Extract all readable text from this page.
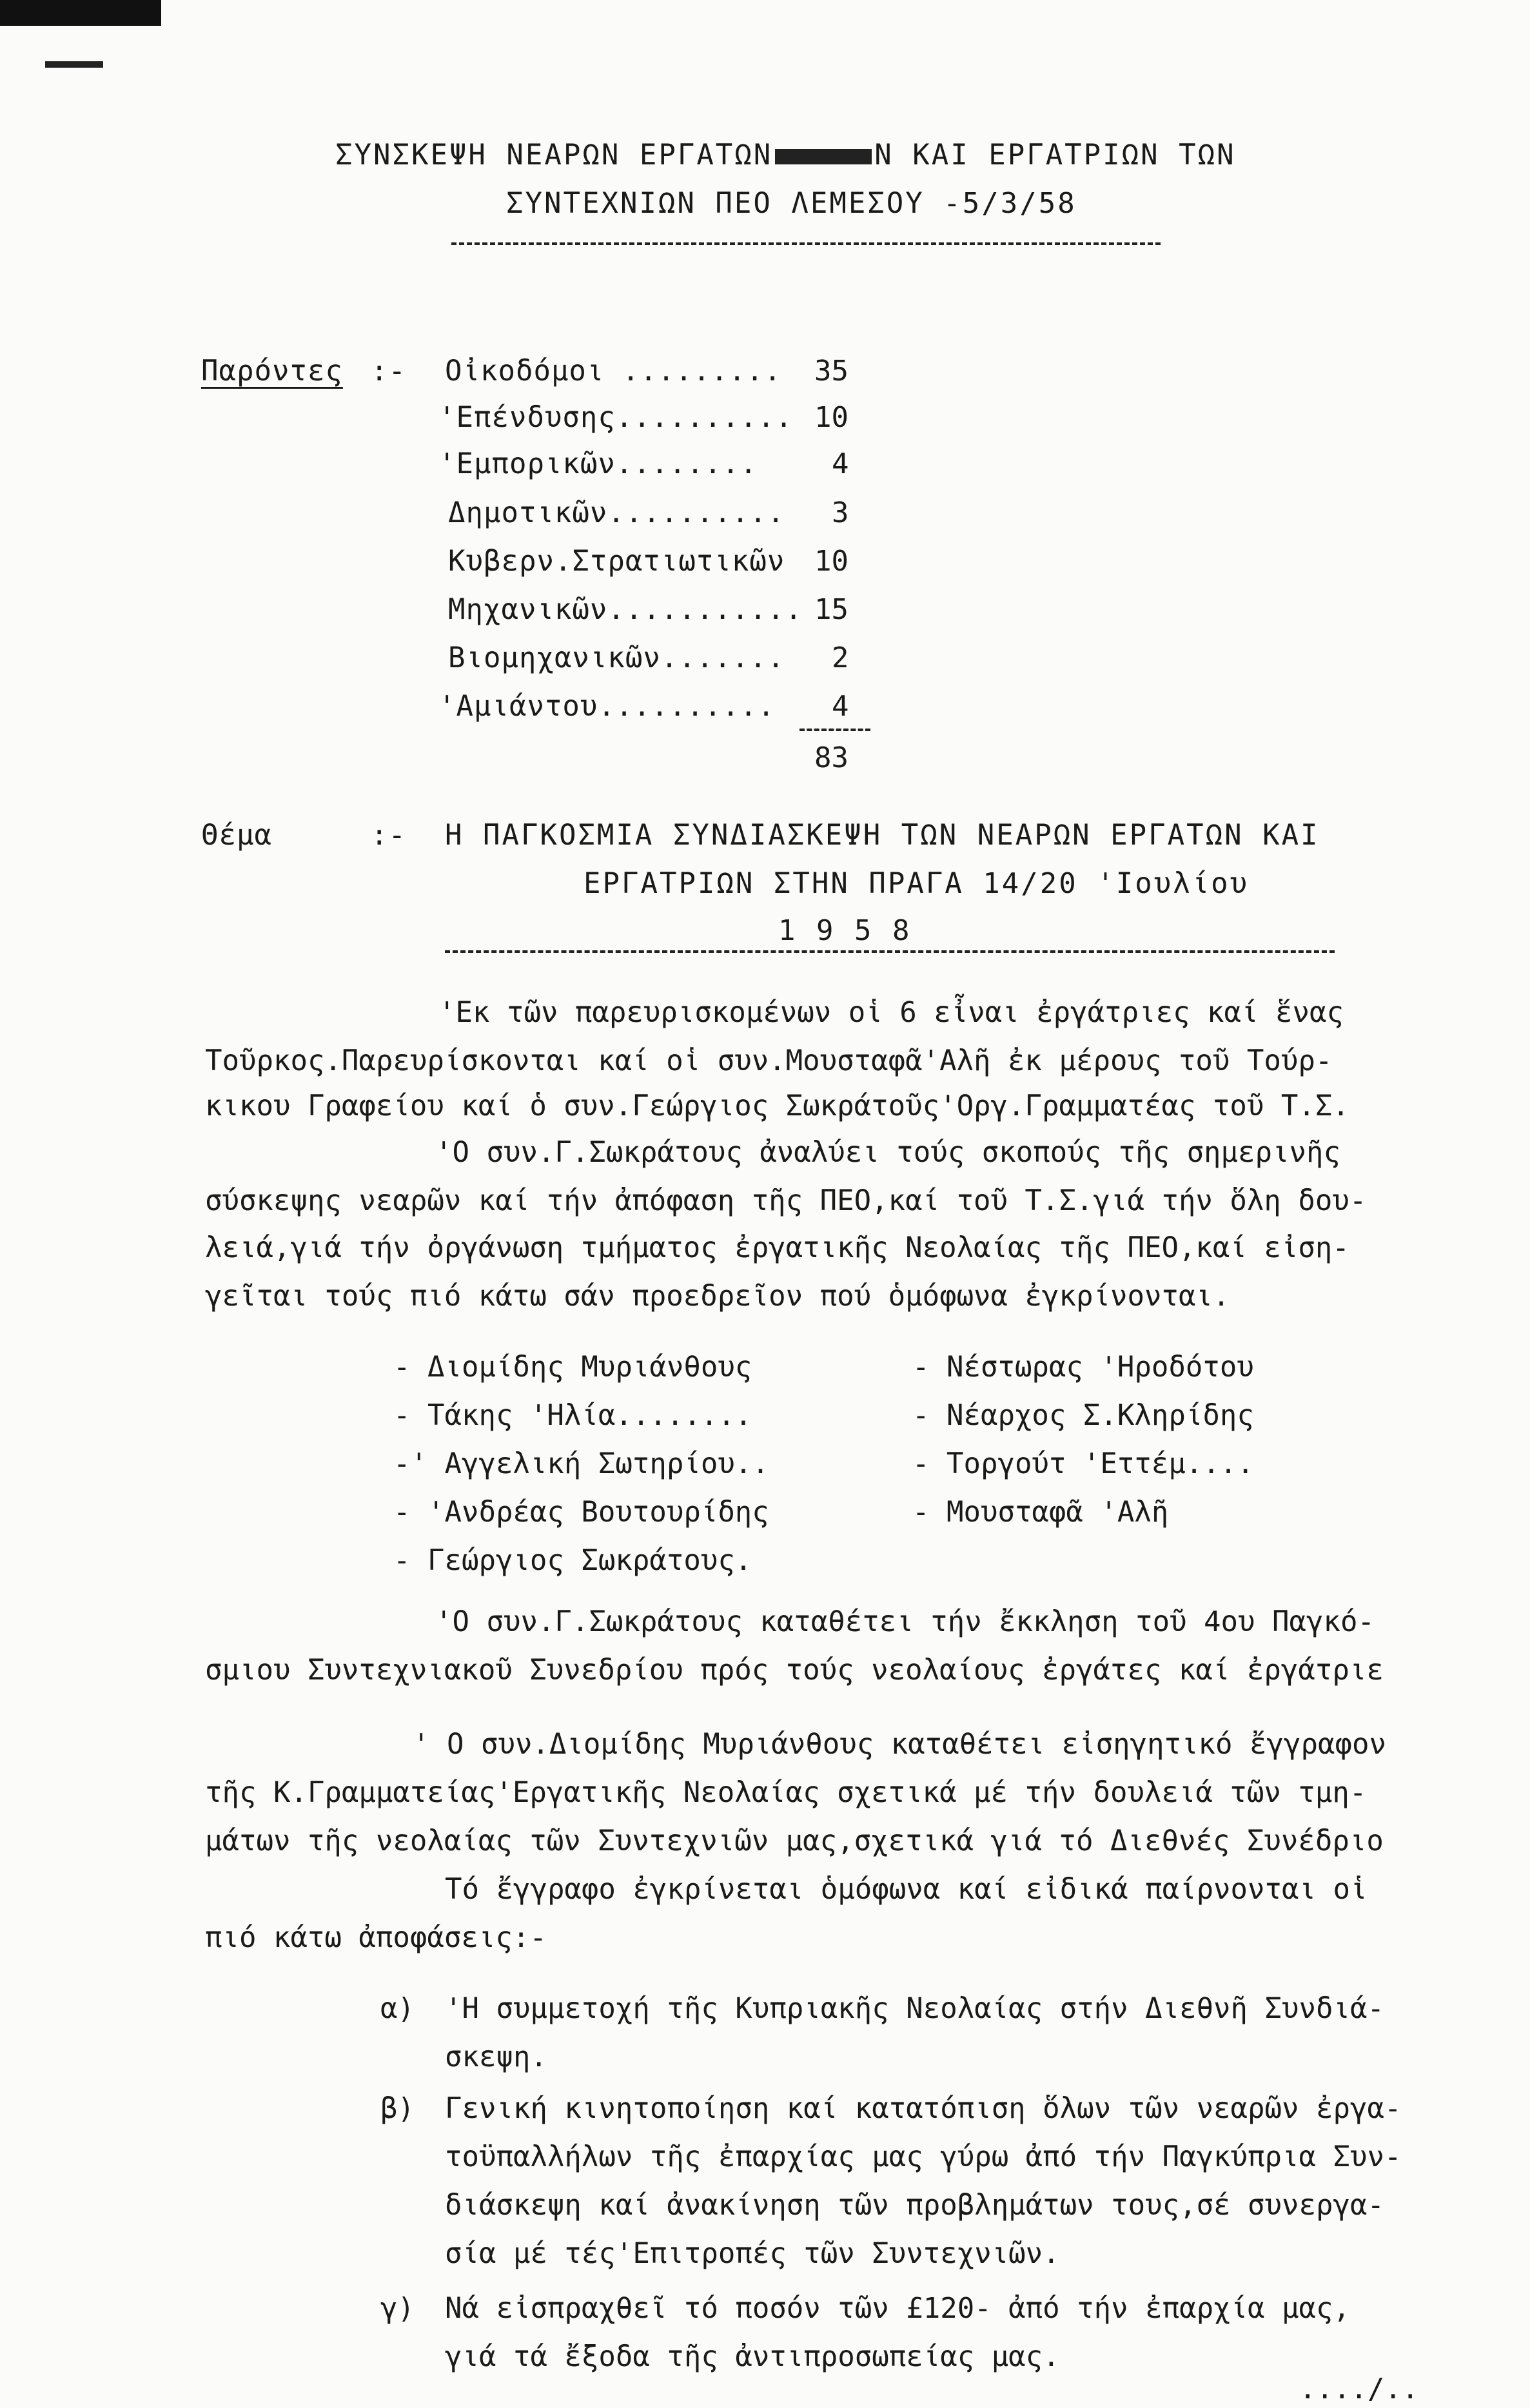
ΣΥΝΣΚΕΨΗ ΝΕΑΡΩΝ ΕΡΓΑΤΩΝ	Ν ΚΑΙ ΕΡΓΑΤΡΙΩΝ ΤΩΝ
ΣΥΝΤΕΧΝΙΩΝ ΠΕΟ ΛΕΜΕΣΟΥ -5/3/58
Παρόντες :- Οἰκοδόμοι ......... 35
'Επένδυσης.......... 10
'Εμπορικῶν........	4
Δημοτικῶν.......... 3
Κυβερν.Στρατιωτικῶν 10
Μηχανικῶν........... 15
Βιομηχανικῶν....... 2
'Αμιάντου.......... 4
83
Θέμα	:- Η ΠΑΓΚΟΣΜΙΑ ΣΥΝΔΙΑΣΚΕΨΗ ΤΩΝ ΝΕΑΡΩΝ ΕΡΓΑΤΩΝ ΚΑΙ
ΕΡΓΑΤΡΙΩΝ ΣΤΗΝ ΠΡΑΓΑ 14/20 'Ιουλίου
1 9 5 8
'Εκ τῶν παρευρισκομένων οἱ 6 εἶναι ἐργάτριες καί ἕνας
Τοῦρκος.Παρευρίσκονται καί οἱ συν.Μουσταφᾶ'Αλῆ ἐκ μέρους τοῦ Τούρ-
κικου Γραφείου καί ὁ συν.Γεώργιος Σωκράτοῦς'Οργ.Γραμματέας τοῦ Τ.Σ.
'Ο συν.Γ.Σωκράτους ἀναλύει τούς σκοπούς τῆς σημερινῆς
σύσκεψης νεαρῶν καί τήν ἀπόφαση τῆς ΠΕΟ,καί τοῦ Τ.Σ.γιά τήν ὅλη δου-
λειά,γιά τήν ὀργάνωση τμήματος ἐργατικῆς Νεολαίας τῆς ΠΕΟ,καί εἰση-
γεῖται τούς πιό κάτω σάν προεδρεῖον πού ὁμόφωνα ἐγκρίνονται.
- Διομίδης Μυριάνθους
- Τάκης 'Ηλία........
-' Αγγελική Σωτηρίου..
- 'Ανδρέας Βουτουρίδης
- Γεώργιος Σωκράτους.
- Νέστωρας 'Ηροδότου
- Νέαρχος Σ.Κληρίδης
- Τοργούτ 'Εττέμ....
- Μουσταφᾶ 'Αλῆ
'Ο συν.Γ.Σωκράτους καταθέτει τήν ἔκκληση τοῦ 4ου Παγκό-
σμιου Συντεχνιακοῦ Συνεδρίου πρός τούς νεολαίους ἐργάτες καί ἐργάτριε
' Ο συν.Διομίδης Μυριάνθους καταθέτει εἰσηγητικό ἔγγραφον
τῆς Κ.Γραμματείας'Εργατικῆς Νεολαίας σχετικά μέ τήν δουλειά τῶν τμη-
μάτων τῆς νεολαίας τῶν Συντεχνιῶν μας,σχετικά γιά τό Διεθνές Συνέδριο
Τό ἔγγραφο ἐγκρίνεται ὁμόφωνα καί εἰδικά παίρνονται οἱ
πιό κάτω ἀποφάσεις:-
α) 'Η συμμετοχή τῆς Κυπριακῆς Νεολαίας στήν Διεθνῆ Συνδιά-
σκεψη.
β) Γενική κινητοποίηση καί κατατόπιση ὅλων τῶν νεαρῶν ἐργα-
τοϋπαλλήλων τῆς ἐπαρχίας μας γύρω ἀπό τήν Παγκύπρια Συν-
διάσκεψη καί ἀνακίνηση τῶν προβλημάτων τους,σέ συνεργα-
σία μέ τές'Επιτροπές τῶν Συντεχνιῶν.
γ) Νά εἰσπραχθεῖ τό ποσόν τῶν £120- ἀπό τήν ἐπαρχία μας,
γιά τά ἔξοδα τῆς ἀντιπροσωπείας μας.
..../..
